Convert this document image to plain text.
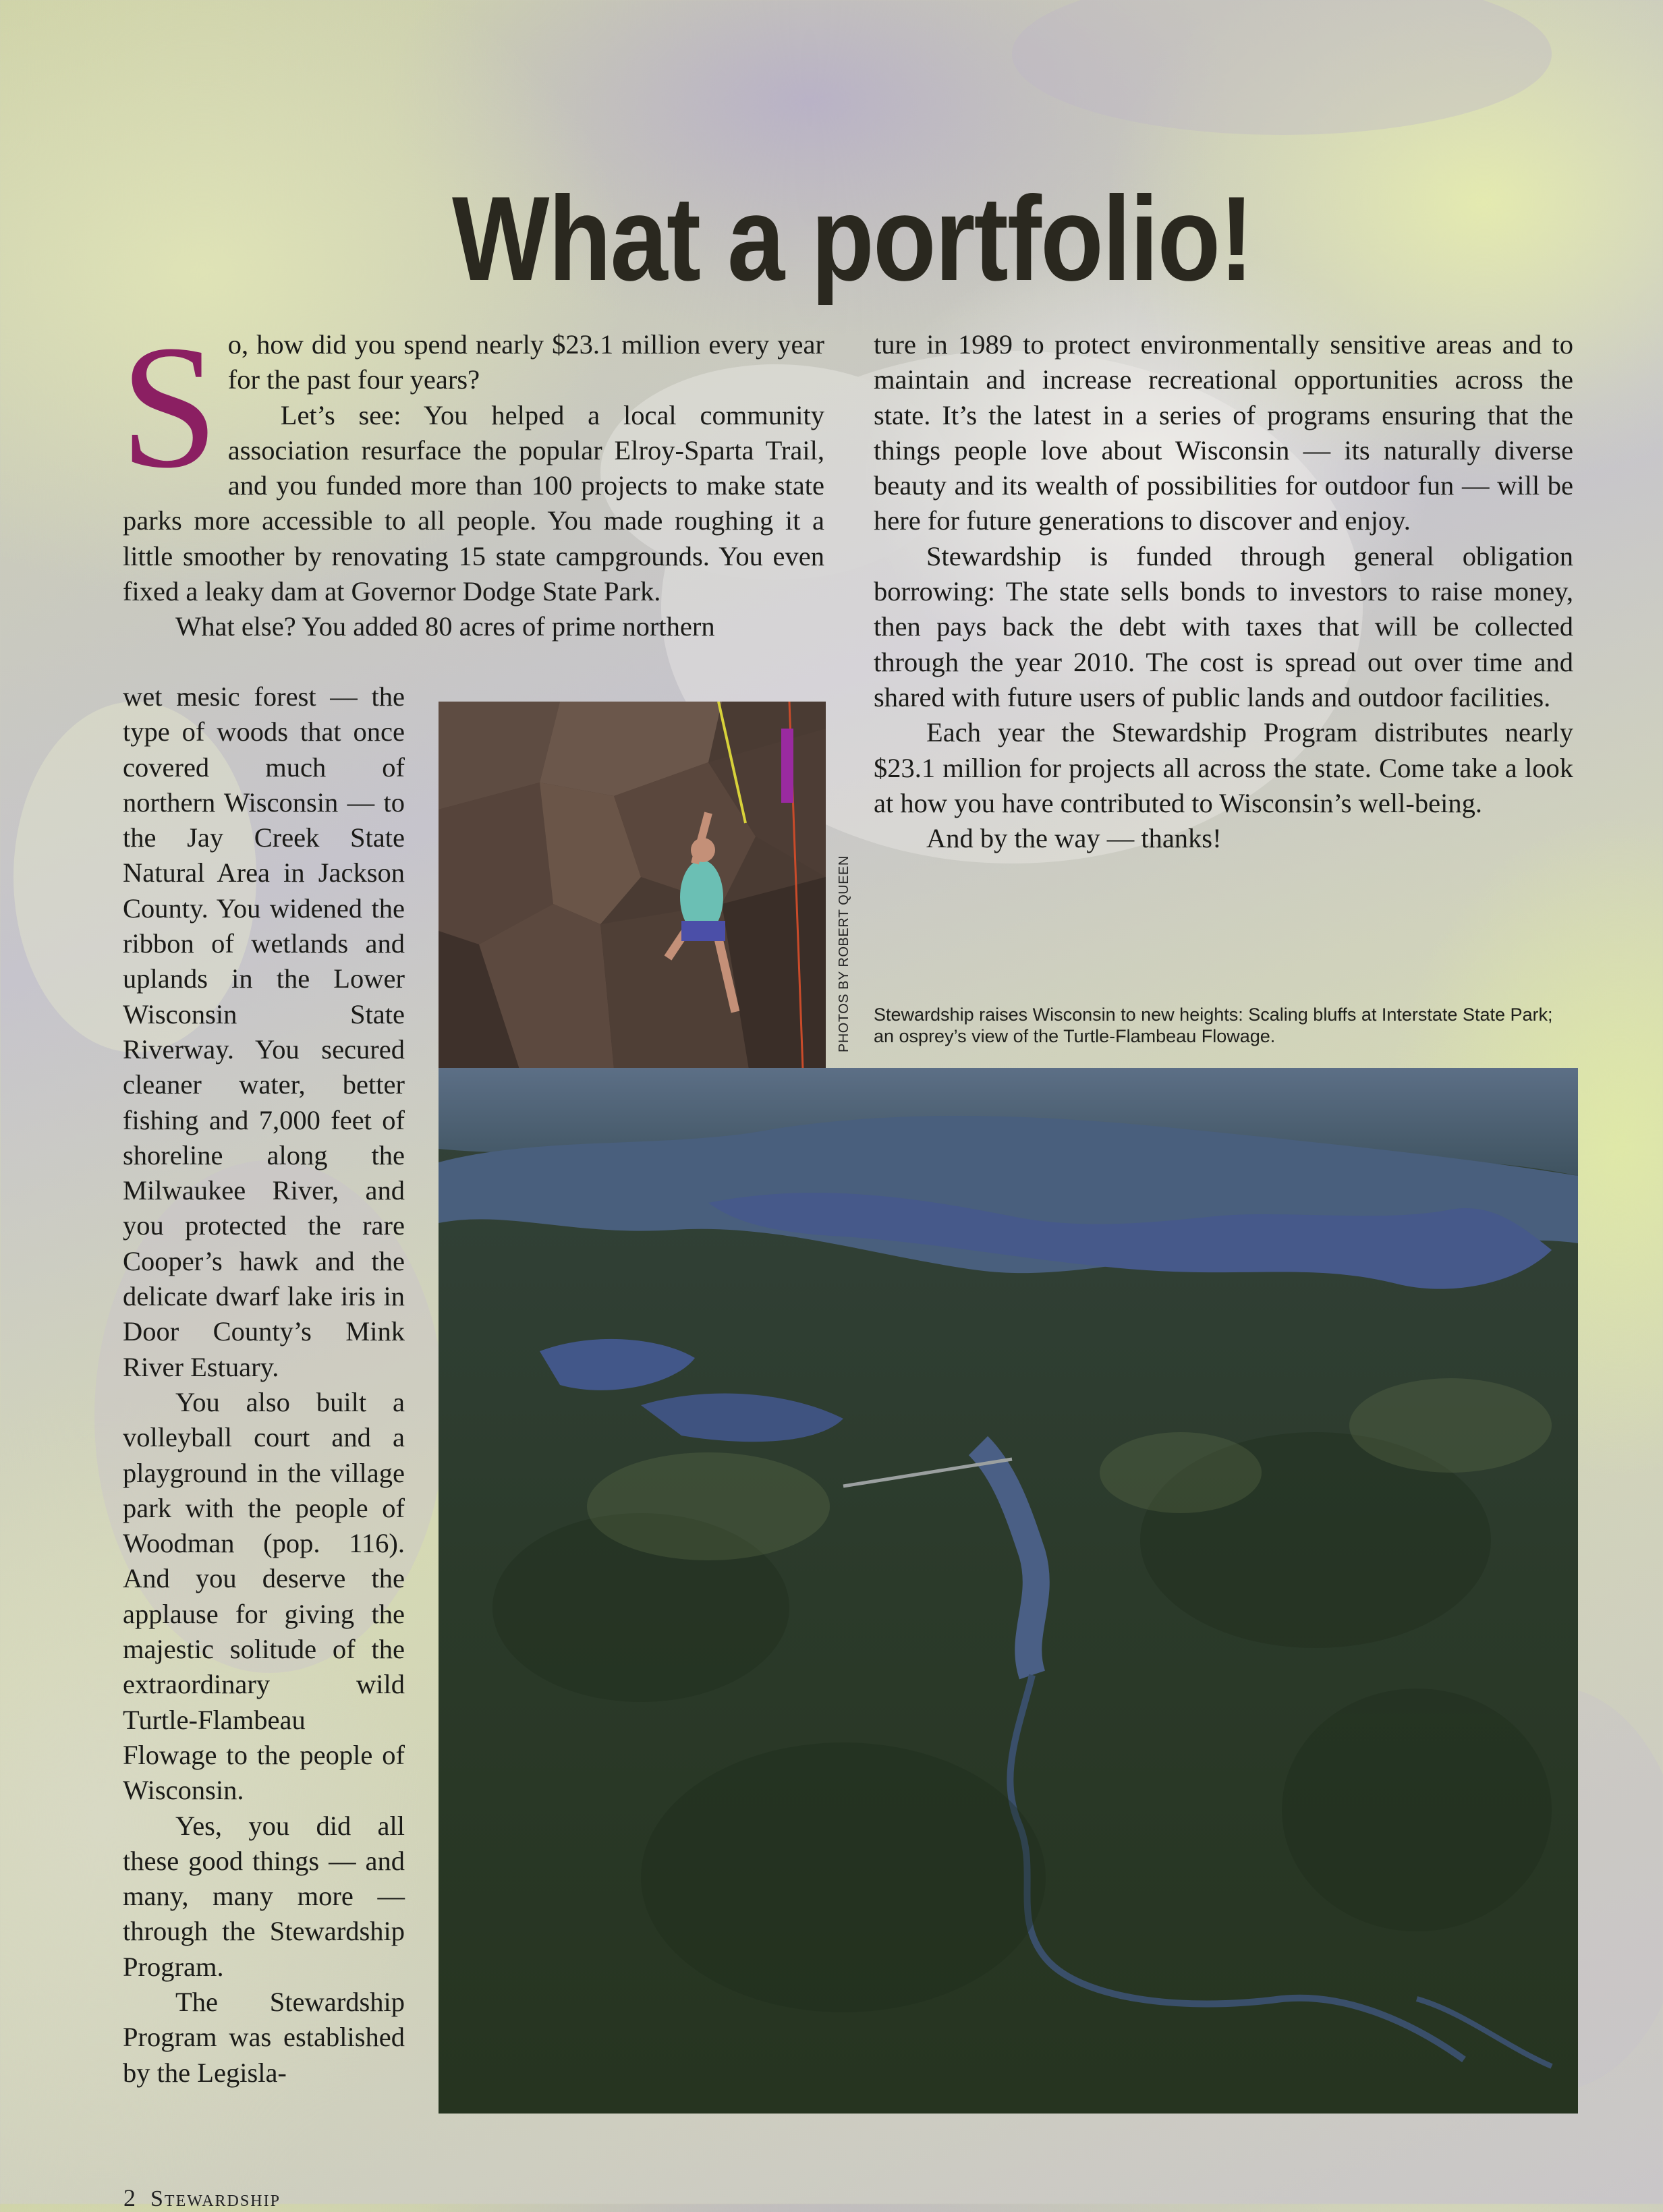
What a portfolio!
S o, how did you spend nearly $23.1 million every year for the past four years?

Let’s see: You helped a local community association resurface the popular Elroy-Sparta Trail, and you funded more than 100 projects to make state parks more accessible to all people. You made roughing it a little smoother by renovating 15 state campgrounds. You even fixed a leaky dam at Governor Dodge State Park.

What else? You added 80 acres of prime northern

wet mesic forest — the type of woods that once covered much of northern Wisconsin — to the Jay Creek State Natural Area in Jackson County. You widened the ribbon of wetlands and uplands in the Lower Wisconsin State Riverway. You secured cleaner water, better fishing and 7,000 feet of shoreline along the Milwaukee River, and you protected the rare Cooper’s hawk and the delicate dwarf lake iris in Door County’s Mink River Estuary.

You also built a volleyball court and a playground in the village park with the people of Woodman (pop. 116). And you deserve the applause for giving the majestic solitude of the extraordinary wild Turtle-Flambeau Flowage to the people of Wisconsin.

Yes, you did all these good things — and many, many more — through the Stewardship Program.

The Stewardship Program was established by the Legisla-

ture in 1989 to protect environmentally sensitive areas and to maintain and increase recreational opportunities across the state. It’s the latest in a series of programs ensuring that the things people love about Wisconsin — its naturally diverse beauty and its wealth of possibilities for outdoor fun — will be here for future generations to discover and enjoy.

Stewardship is funded through general obligation borrowing: The state sells bonds to investors to raise money, then pays back the debt with taxes that will be collected through the year 2010. The cost is spread out over time and shared with future users of public lands and outdoor facilities.

Each year the Stewardship Program distributes nearly $23.1 million for projects all across the state. Come take a look at how you have contributed to Wisconsin’s well-being.

And by the way — thanks!

PHOTOS BY ROBERT QUEEN Stewardship raises Wisconsin to new heights: Scaling bluffs at Interstate State Park; an osprey’s view of the Turtle-Flambeau Flowage.
2 Stewardship
